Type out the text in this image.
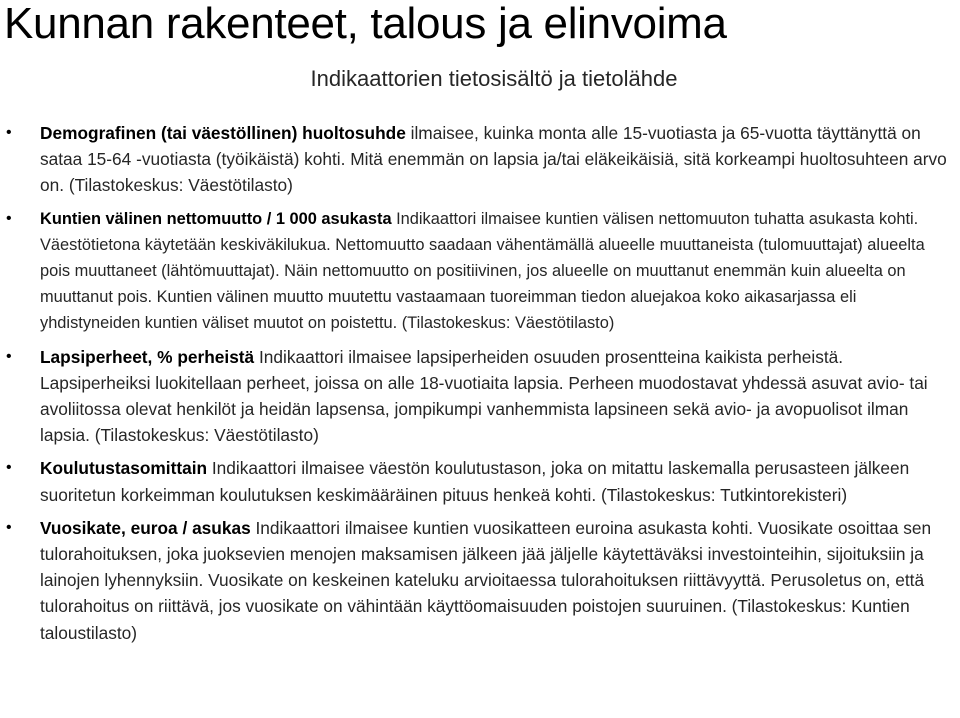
Kunnan rakenteet, talous ja elinvoima
Indikaattorien tietosisältö ja tietolähde
• Demografinen (tai väestöllinen) huoltosuhde ilmaisee, kuinka monta alle 15-vuotiasta ja 65-vuotta täyttänyttä on sataa 15-64 -vuotiasta (työikäistä) kohti. Mitä enemmän on lapsia ja/tai eläkeikäisiä, sitä korkeampi huoltosuhteen arvo on. (Tilastokeskus: Väestötilasto)
• Kuntien välinen nettomuutto / 1 000 asukasta Indikaattori ilmaisee kuntien välisen nettomuuton tuhatta asukasta kohti. Väestötietona käytetään keskiväkilukua. Nettomuutto saadaan vähentämällä alueelle muuttaneista (tulomuuttajat) alueelta pois muuttaneet (lähtömuuttajat). Näin nettomuutto on positiivinen, jos alueelle on muuttanut enemmän kuin alueelta on muuttanut pois. Kuntien välinen muutto muutettu vastaamaan tuoreimman tiedon aluejakoa koko aikasarjassa eli yhdistyneiden kuntien väliset muutot on poistettu. (Tilastokeskus: Väestötilasto)
• Lapsiperheet, % perheistä Indikaattori ilmaisee lapsiperheiden osuuden prosentteina kaikista perheistä. Lapsiperheiksi luokitellaan perheet, joissa on alle 18-vuotiaita lapsia. Perheen muodostavat yhdessä asuvat avio- tai avoliitossa olevat henkilöt ja heidän lapsensa, jompikumpi vanhemmista lapsineen sekä avio- ja avopuolisot ilman lapsia. (Tilastokeskus: Väestötilasto)
• Koulutustasomittain Indikaattori ilmaisee väestön koulutustason, joka on mitattu laskemalla perusasteen jälkeen suoritetun korkeimman koulutuksen keskimääräinen pituus henkeä kohti. (Tilastokeskus: Tutkintorekisteri)
• Vuosikate, euroa / asukas Indikaattori ilmaisee kuntien vuosikatteen euroina asukasta kohti. Vuosikate osoittaa sen tulorahoituksen, joka juoksevien menojen maksamisen jälkeen jää jäljelle käytettäväksi investointeihin, sijoituksiin ja lainojen lyhennyksiin. Vuosikate on keskeinen kateluku arvioitaessa tulorahoituksen riittävyyttä. Perusoletus on, että tulorahoitus on riittävä, jos vuosikate on vähintään käyttöomaisuuden poistojen suuruinen. (Tilastokeskus: Kuntien taloustilasto)
